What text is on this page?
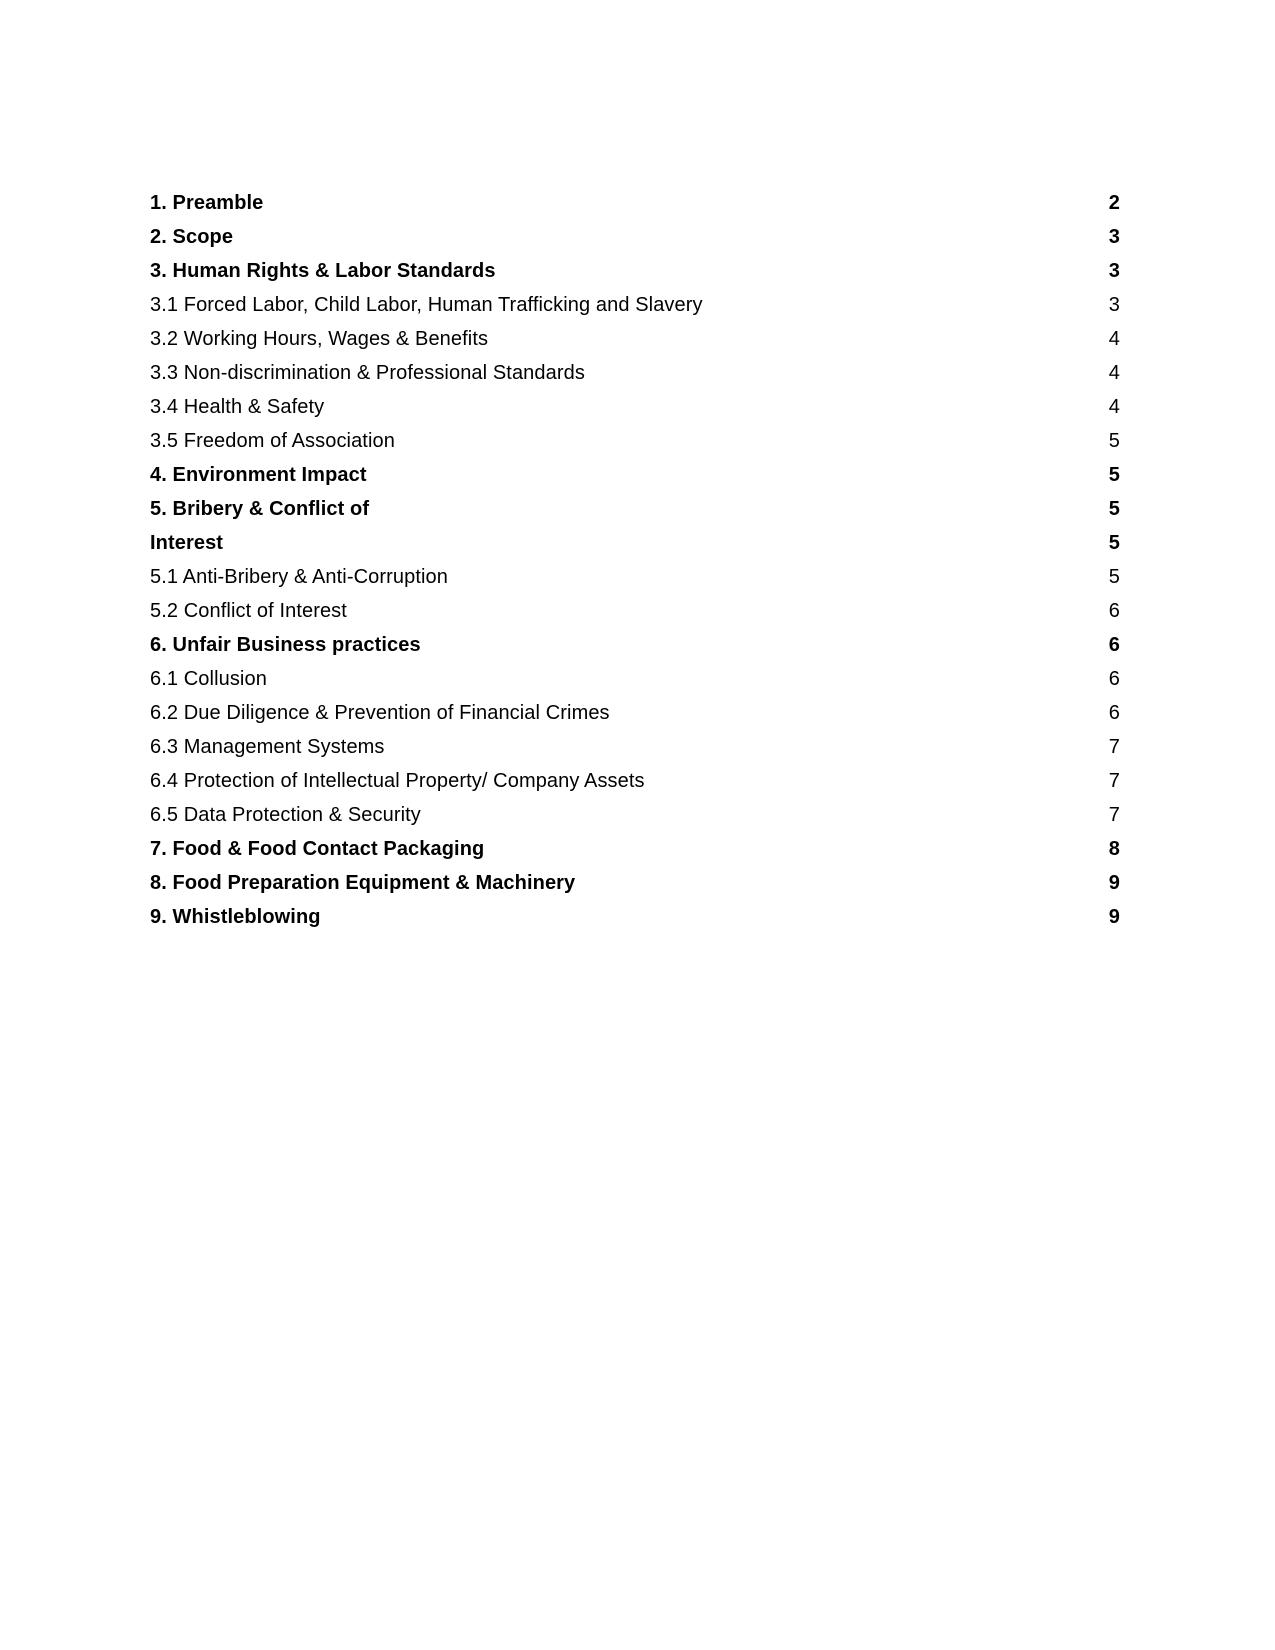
1. Preamble	2
2. Scope	3
3. Human Rights & Labor Standards	3
3.1 Forced Labor, Child Labor, Human Trafficking and Slavery	3
3.2 Working Hours, Wages & Benefits	4
3.3 Non-discrimination & Professional Standards	4
3.4 Health & Safety	4
3.5 Freedom of Association	5
4. Environment Impact	5
5. Bribery & Conflict of	5
Interest	5
5.1 Anti-Bribery & Anti-Corruption	5
5.2 Conflict of Interest	6
6. Unfair Business practices	6
6.1 Collusion	6
6.2 Due Diligence & Prevention of Financial Crimes	6
6.3 Management Systems	7
6.4 Protection of Intellectual Property/ Company Assets	7
6.5 Data Protection & Security	7
7. Food & Food Contact Packaging	8
8. Food Preparation Equipment & Machinery	9
9. Whistleblowing	9
